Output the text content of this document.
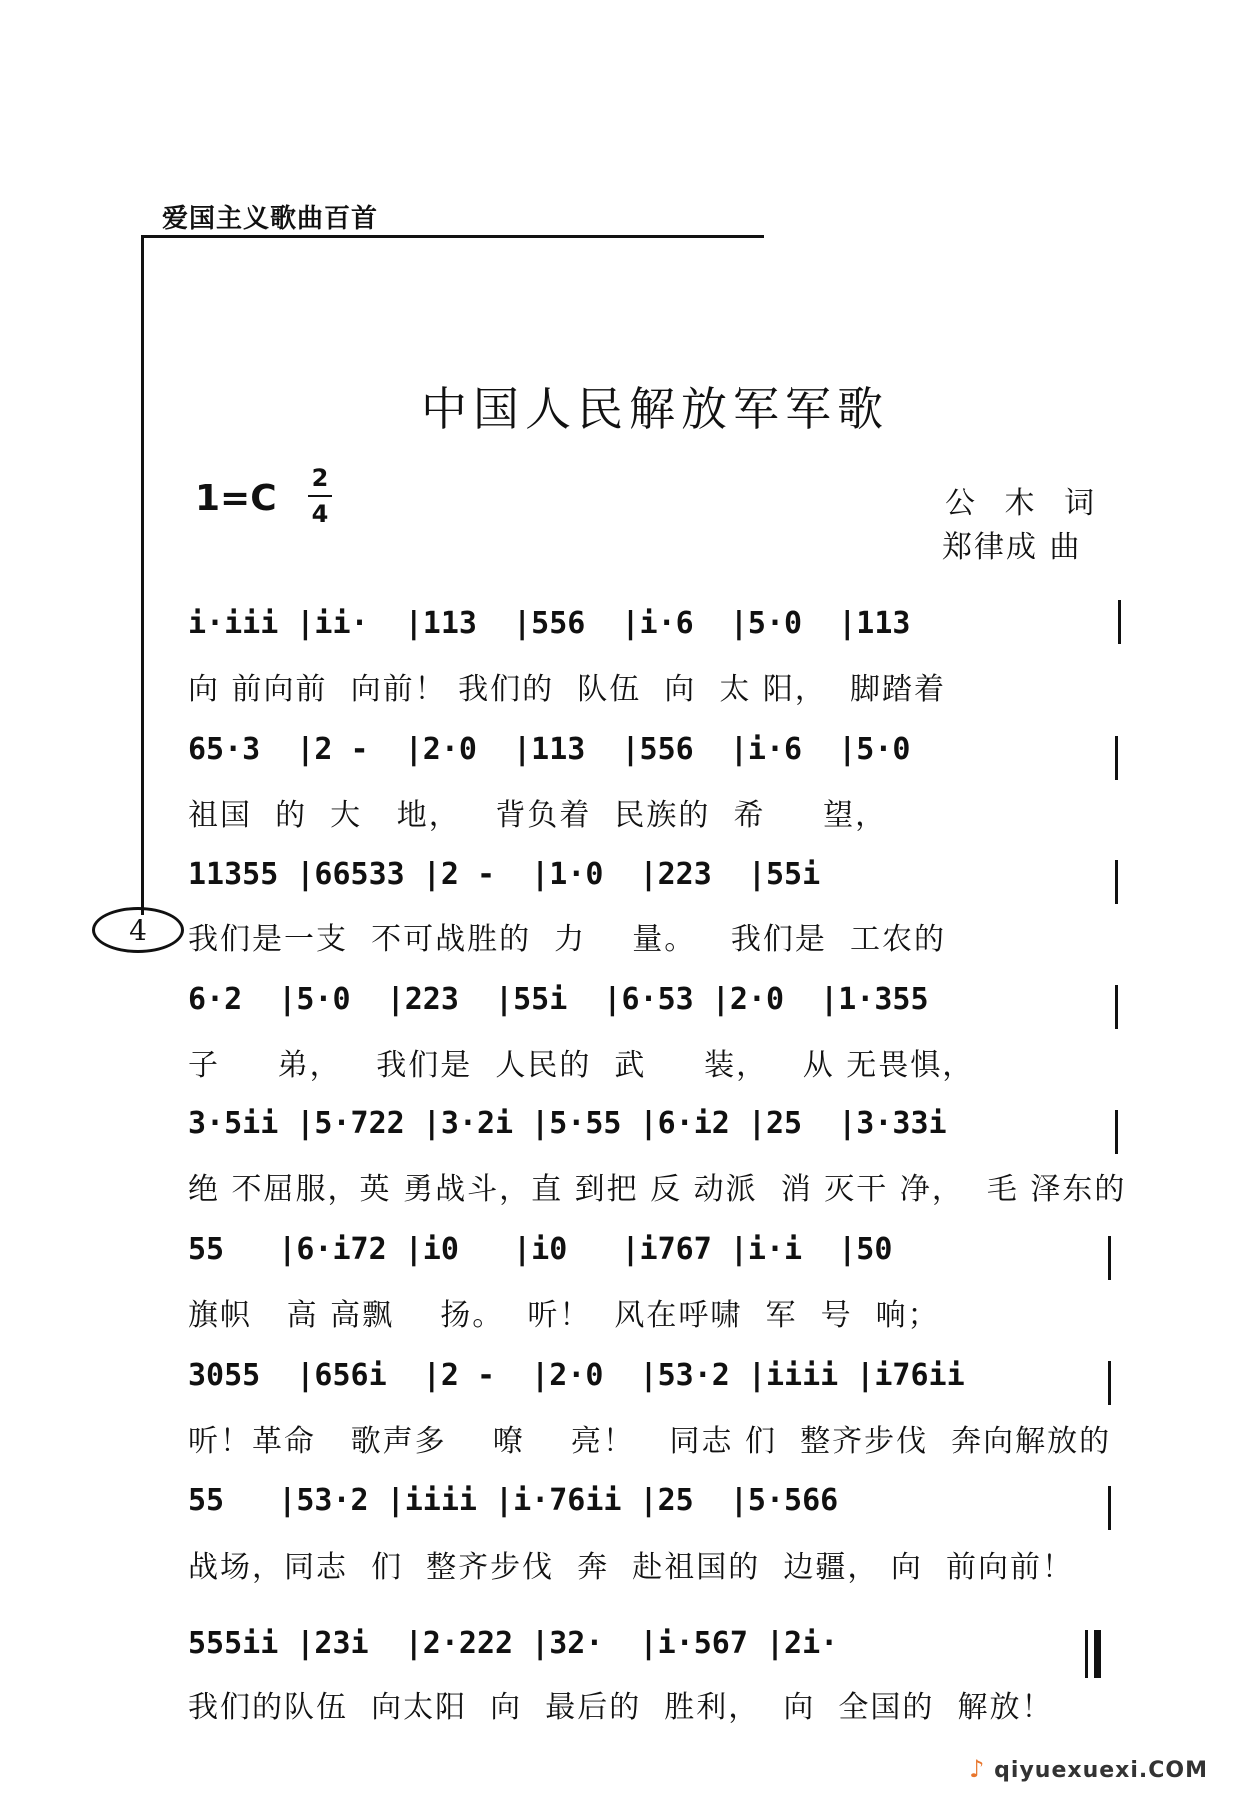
爱国主义歌曲百首
4
中国人民解放军军歌
$1=C \frac{2}{4}$	公 木 词
郑律成 曲
i·iii |ii·  |113  |556  |i·6  |5·0  |113
向 前向前  向前！ 我们的  队伍  向  太 阳，  脚踏着
65·3  |2 -  |2·0  |113  |556  |i·6  |5·0
祖国  的  大   地，   背负着  民族的  希     望，
11355 |66533 |2 -  |1·0  |223  |55i
我们是一支  不可战胜的  力    量。   我们是  工农的
6·2  |5·0  |223  |55i  |6·53 |2·0  |1·355
子     弟，   我们是  人民的  武     装，   从 无畏惧，
3·5ii |5·722 |3·2i |5·55 |6·i2 |25  |3·33i
绝 不屈服，英 勇战斗，直 到把 反 动派  消 灭干 净，  毛 泽东的
55   |6·i72 |i0   |i0   |i767 |i·i  |50
旗帜   高 高飘    扬。  听！  风在呼啸  军  号  响；
3055  |656i  |2 -  |2·0  |53·2 |iiii |i76ii
听！革命   歌声多    嘹    亮！   同志 们  整齐步伐  奔向解放的
55   |53·2 |iiii |i·76ii |25  |5·566
战场，同志  们  整齐步伐  奔  赴祖国的  边疆， 向  前向前！
555ii |23i  |2·222 |32·  |i·567 |2i·
我们的队伍  向太阳  向  最后的  胜利，  向  全国的  解放！
♪ qiyuexuexi.COM
